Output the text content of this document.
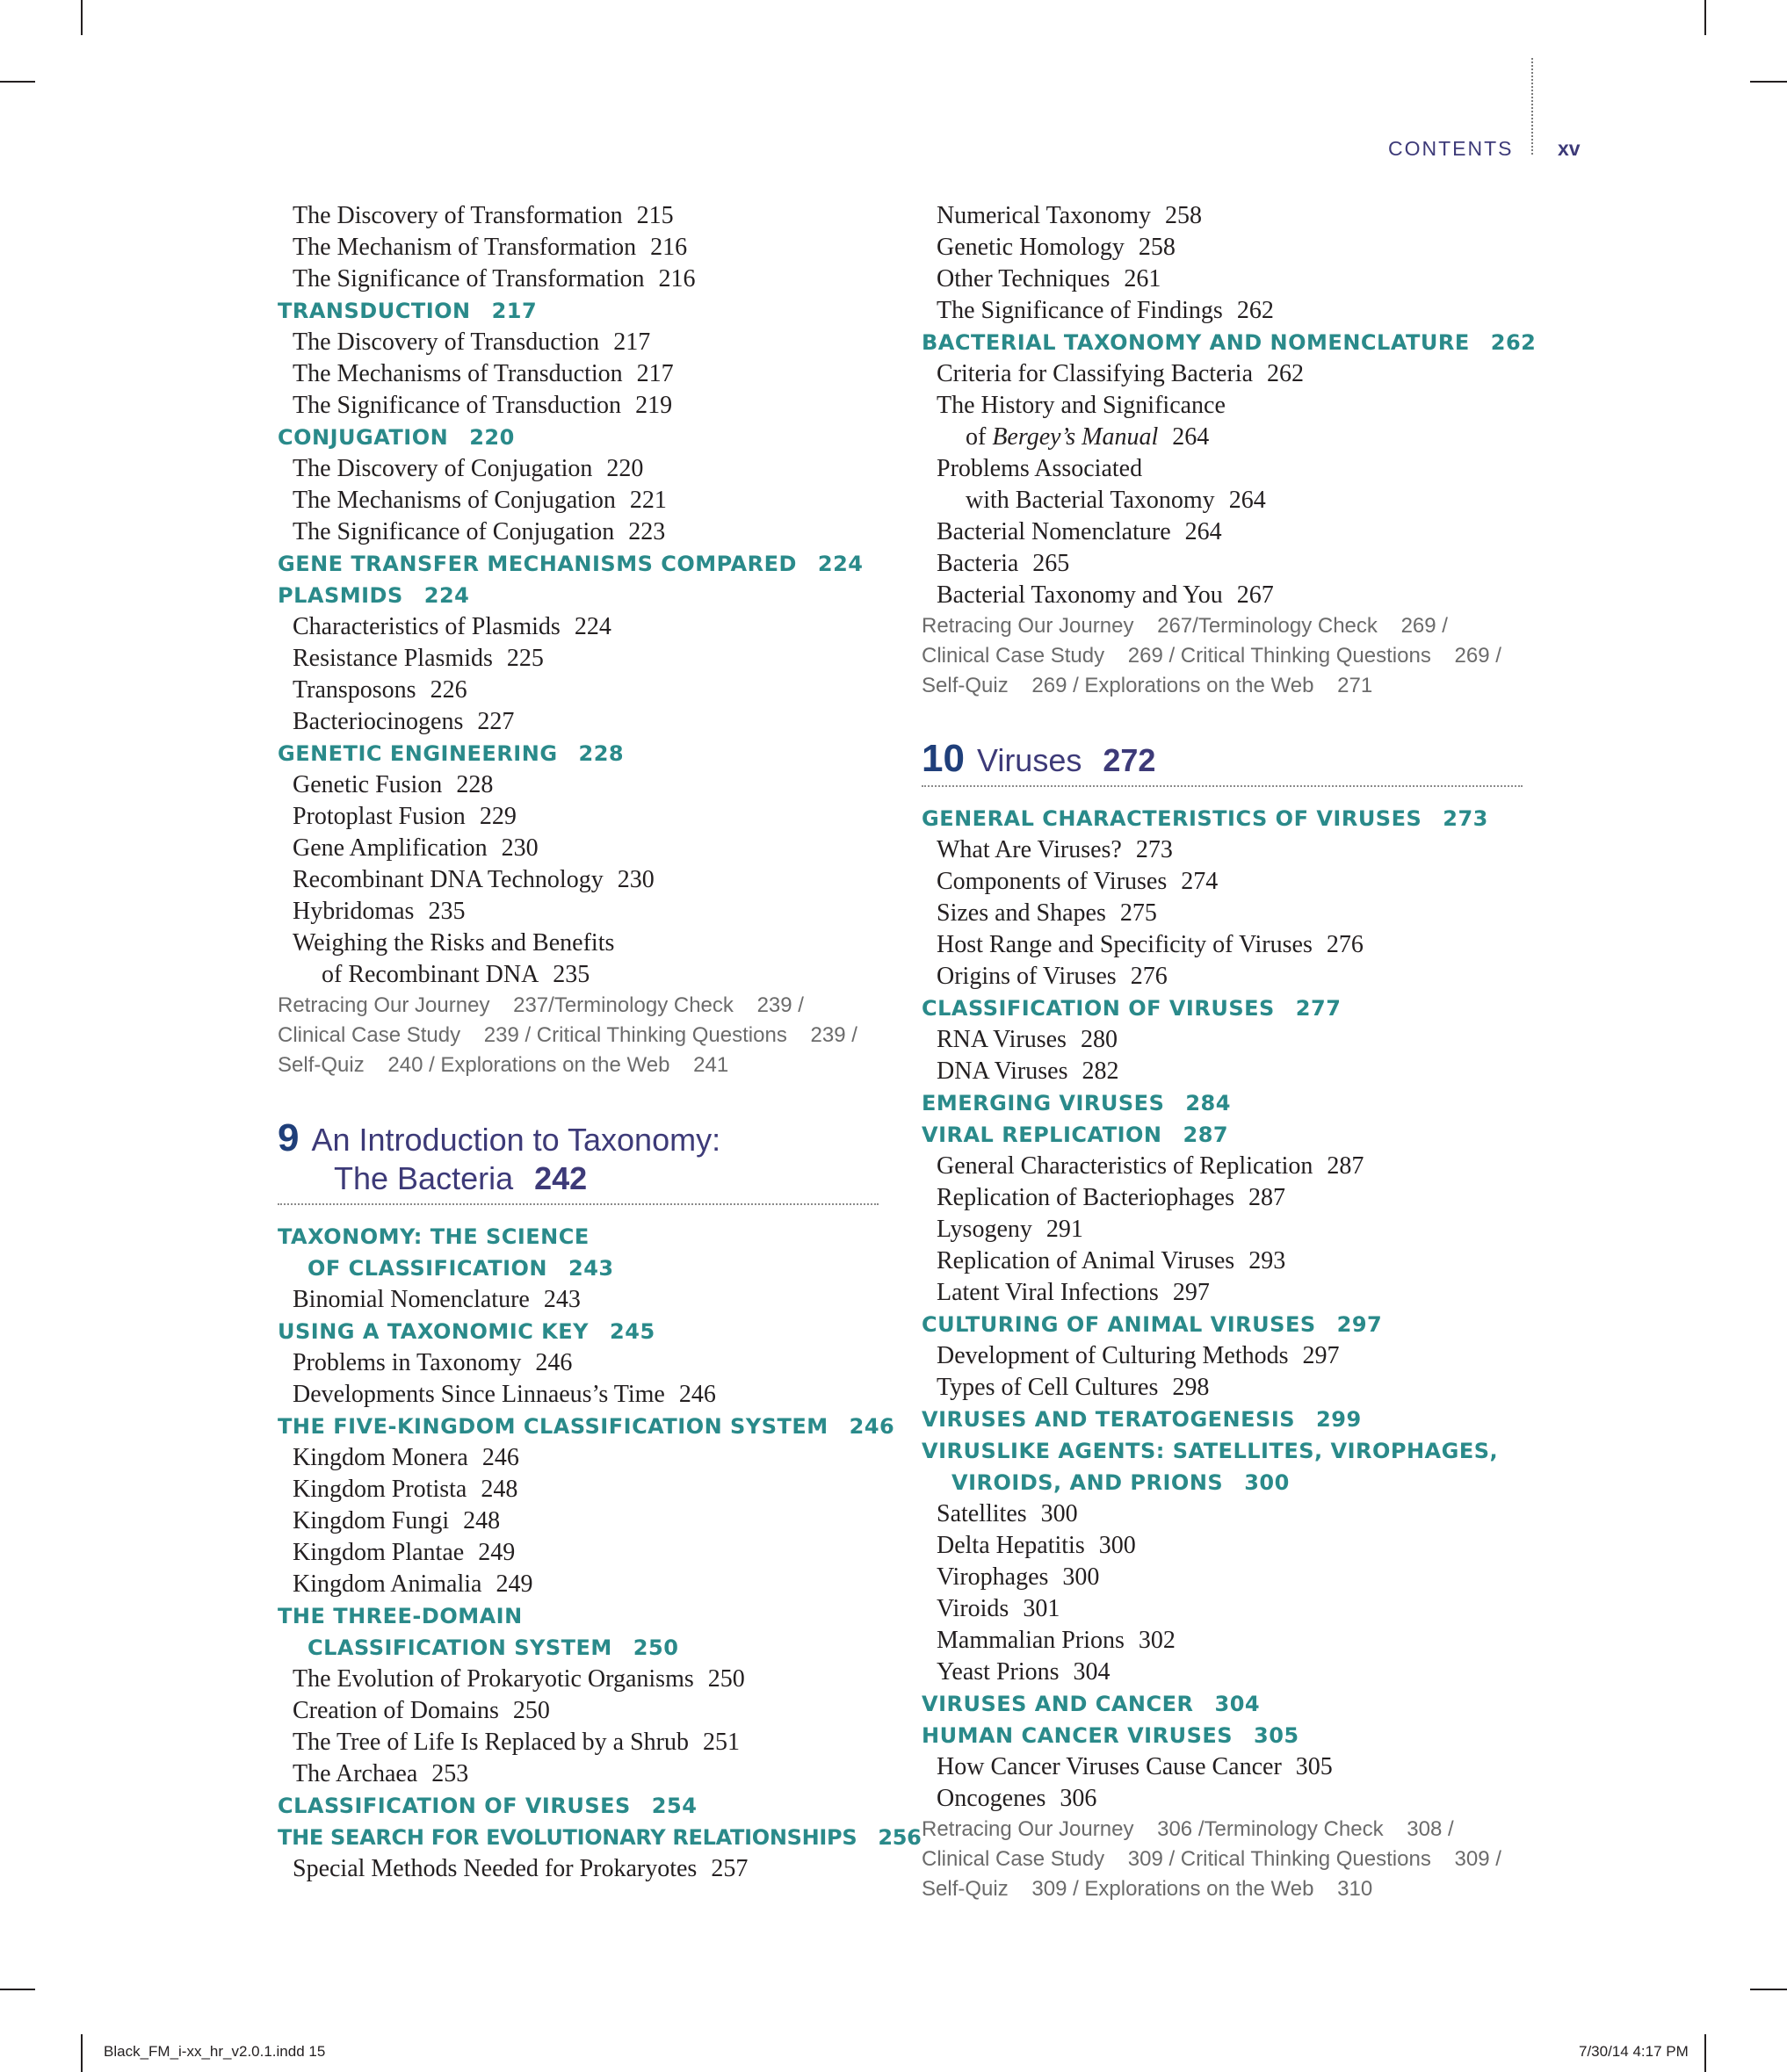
CONTENTS xv
The Discovery of Transformation 215
The Mechanism of Transformation 216
The Significance of Transformation 216
TRANSDUCTION 217
The Discovery of Transduction 217
The Mechanisms of Transduction 217
The Significance of Transduction 219
CONJUGATION 220
The Discovery of Conjugation 220
The Mechanisms of Conjugation 221
The Significance of Conjugation 223
GENE TRANSFER MECHANISMS COMPARED 224
PLASMIDS 224
Characteristics of Plasmids 224
Resistance Plasmids 225
Transposons 226
Bacteriocinogens 227
GENETIC ENGINEERING 228
Genetic Fusion 228
Protoplast Fusion 229
Gene Amplification 230
Recombinant DNA Technology 230
Hybridomas 235
Weighing the Risks and Benefits
of Recombinant DNA 235
Retracing Our Journey    237/Terminology Check    239 /
Clinical Case Study    239 / Critical Thinking Questions    239 /
Self-Quiz    240 / Explorations on the Web    241
9 An Introduction to Taxonomy:
The Bacteria 242
TAXONOMY: THE SCIENCE
OF CLASSIFICATION 243
Binomial Nomenclature 243
USING A TAXONOMIC KEY 245
Problems in Taxonomy 246
Developments Since Linnaeus’s Time 246
THE FIVE-KINGDOM CLASSIFICATION SYSTEM 246
Kingdom Monera 246
Kingdom Protista 248
Kingdom Fungi 248
Kingdom Plantae 249
Kingdom Animalia 249
THE THREE-DOMAIN
CLASSIFICATION SYSTEM 250
The Evolution of Prokaryotic Organisms 250
Creation of Domains 250
The Tree of Life Is Replaced by a Shrub 251
The Archaea 253
CLASSIFICATION OF VIRUSES 254
THE SEARCH FOR EVOLUTIONARY RELATIONSHIPS 256
Special Methods Needed for Prokaryotes 257
Numerical Taxonomy 258
Genetic Homology 258
Other Techniques 261
The Significance of Findings 262
BACTERIAL TAXONOMY AND NOMENCLATURE 262
Criteria for Classifying Bacteria 262
The History and Significance
of Bergey’s Manual 264
Problems Associated
with Bacterial Taxonomy 264
Bacterial Nomenclature 264
Bacteria 265
Bacterial Taxonomy and You 267
Retracing Our Journey    267/Terminology Check    269 /
Clinical Case Study    269 / Critical Thinking Questions    269 /
Self-Quiz    269 / Explorations on the Web    271
10 Viruses 272
GENERAL CHARACTERISTICS OF VIRUSES 273
What Are Viruses? 273
Components of Viruses 274
Sizes and Shapes 275
Host Range and Specificity of Viruses 276
Origins of Viruses 276
CLASSIFICATION OF VIRUSES 277
RNA Viruses 280
DNA Viruses 282
EMERGING VIRUSES 284
VIRAL REPLICATION 287
General Characteristics of Replication 287
Replication of Bacteriophages 287
Lysogeny 291
Replication of Animal Viruses 293
Latent Viral Infections 297
CULTURING OF ANIMAL VIRUSES 297
Development of Culturing Methods 297
Types of Cell Cultures 298
VIRUSES AND TERATOGENESIS 299
VIRUSLIKE AGENTS: SATELLITES, VIROPHAGES,
VIROIDS, AND PRIONS 300
Satellites 300
Delta Hepatitis 300
Virophages 300
Viroids 301
Mammalian Prions 302
Yeast Prions 304
VIRUSES AND CANCER 304
HUMAN CANCER VIRUSES 305
How Cancer Viruses Cause Cancer 305
Oncogenes 306
Retracing Our Journey    306 /Terminology Check    308 /
Clinical Case Study    309 / Critical Thinking Questions    309 /
Self-Quiz    309 / Explorations on the Web    310
Black_FM_i-xx_hr_v2.0.1.indd 15	7/30/14 4:17 PM
